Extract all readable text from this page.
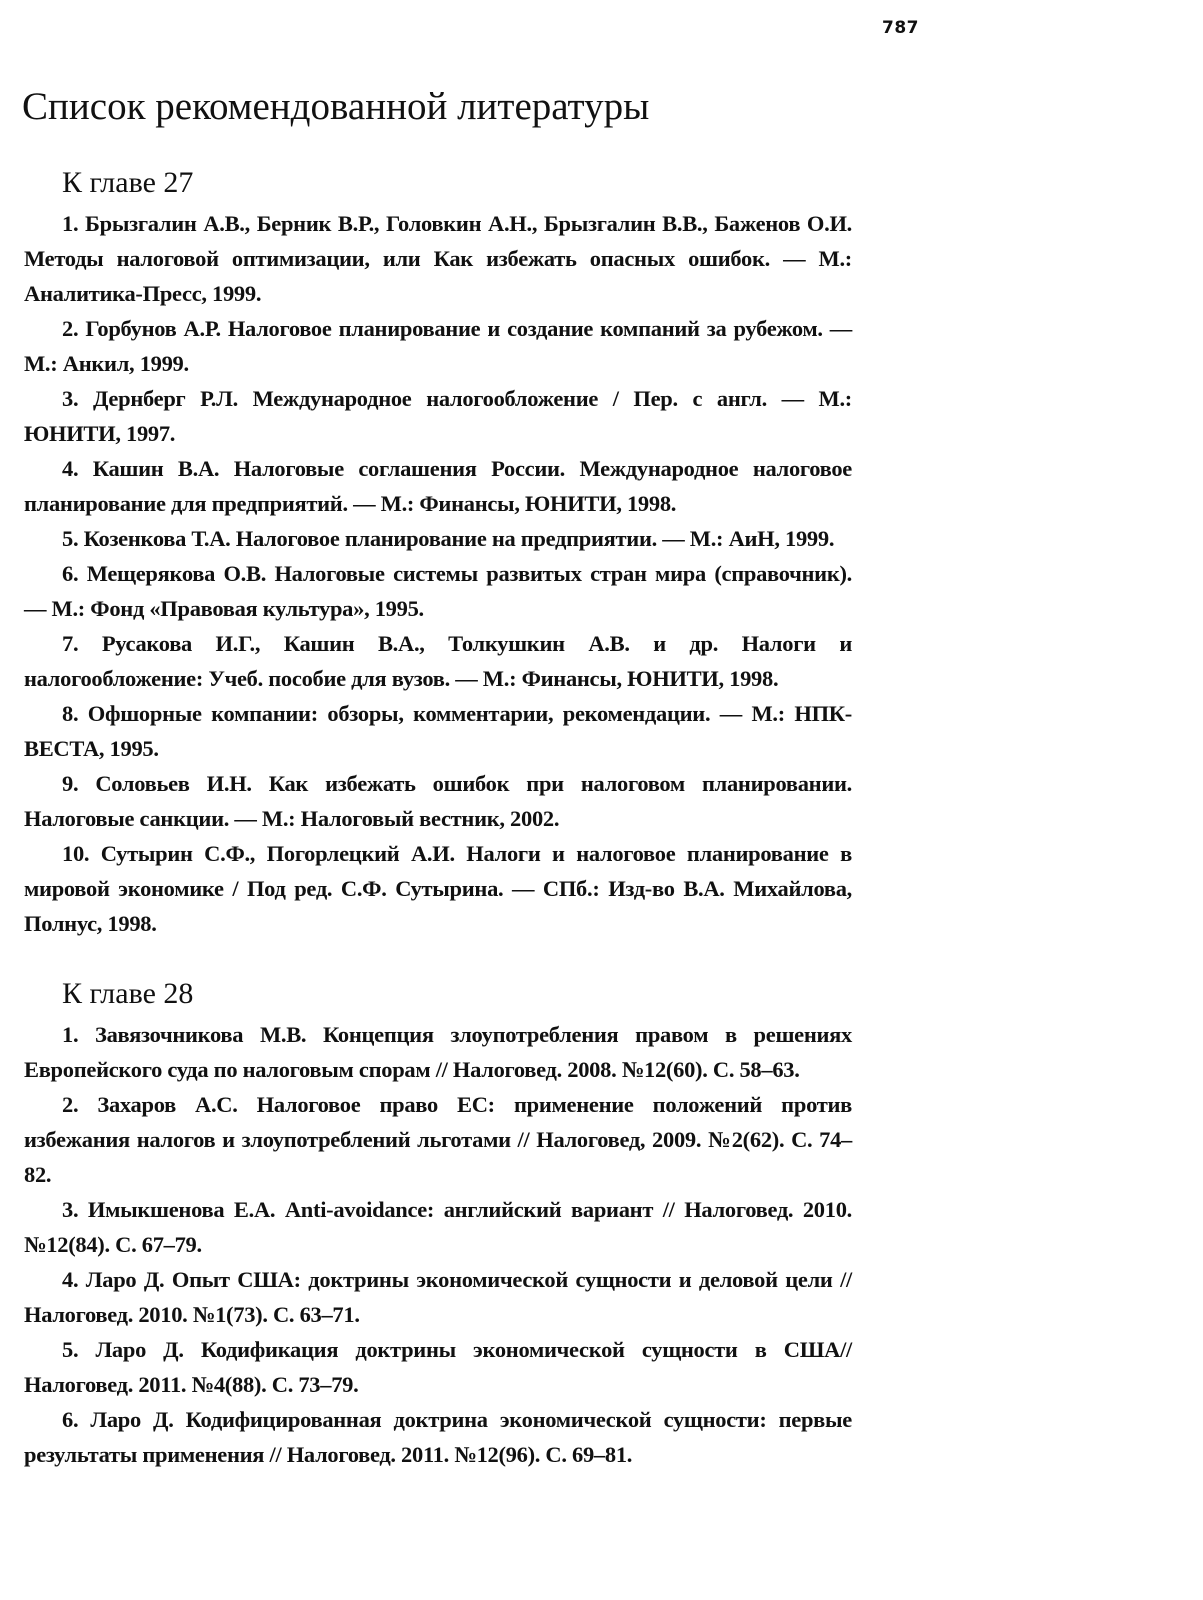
787
Список рекомендованной литературы
К главе 27

1. Брызгалин А.В., Берник В.Р., Головкин А.Н., Брызгалин В.В., Баженов О.И. Методы налоговой оптимизации, или Как избежать опасных ошибок. — М.: Аналитика-Пресс, 1999.

2. Горбунов А.Р. Налоговое планирование и создание компаний за рубежом. — М.: Анкил, 1999.

3. Дернберг Р.Л. Международное налогообложение / Пер. с англ. — М.: ЮНИТИ, 1997.

4. Кашин В.А. Налоговые соглашения России. Международное налоговое планирование для предприятий. — М.: Финансы, ЮНИТИ, 1998.

5. Козенкова Т.А. Налоговое планирование на предприятии. — М.: АиН, 1999.

6. Мещерякова О.В. Налоговые системы развитых стран мира (справочник). — М.: Фонд «Правовая культура», 1995.

7. Русакова И.Г., Кашин В.А., Толкушкин А.В. и др. Налоги и налогообложение: Учеб. пособие для вузов. — М.: Финансы, ЮНИТИ, 1998.

8. Офшорные компании: обзоры, комментарии, рекомендации. — М.: НПК-ВЕСТА, 1995.

9. Соловьев И.Н. Как избежать ошибок при налоговом планировании. Налоговые санкции. — М.: Налоговый вестник, 2002.

10. Сутырин С.Ф., Погорлецкий А.И. Налоги и налоговое планирование в мировой экономике / Под ред. С.Ф. Сутырина. — СПб.: Изд-во В.А. Михайлова, Полнус, 1998.

К главе 28

1. Завязочникова М.В. Концепция злоупотребления правом в решениях Европейского суда по налоговым спорам // Налоговед. 2008. №12(60). С. 58–63.

2. Захаров А.С. Налоговое право ЕС: применение положений против избежания налогов и злоупотреблений льготами // Налоговед, 2009. №2(62). С. 74–82.

3. Имыкшенова Е.А. Anti-avoidance: английский вариант // Налоговед. 2010. №12(84). С. 67–79.

4. Ларо Д. Опыт США: доктрины экономической сущности и деловой цели // Налоговед. 2010. №1(73). С. 63–71.

5. Ларо Д. Кодификация доктрины экономической сущности в США//Налоговед. 2011. №4(88). С. 73–79.

6. Ларо Д. Кодифицированная доктрина экономической сущности: первые результаты применения // Налоговед. 2011. №12(96). С. 69–81.
